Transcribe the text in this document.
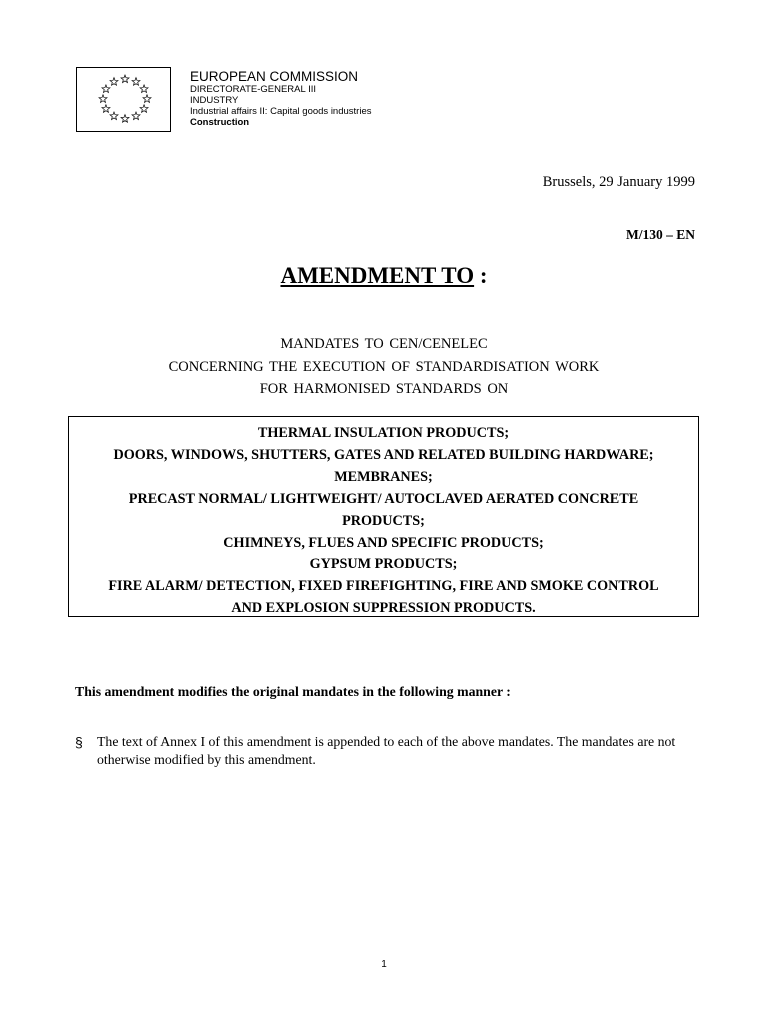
EUROPEAN COMMISSION
DIRECTORATE-GENERAL III
INDUSTRY
Industrial affairs II: Capital goods industries
Construction
Brussels, 29 January 1999
M/130 – EN
AMENDMENT TO :
MANDATES TO CEN/CENELEC
CONCERNING THE EXECUTION OF STANDARDISATION WORK
FOR HARMONISED STANDARDS ON
THERMAL INSULATION PRODUCTS;
DOORS, WINDOWS, SHUTTERS, GATES AND RELATED BUILDING HARDWARE;
MEMBRANES;
PRECAST NORMAL/ LIGHTWEIGHT/ AUTOCLAVED AERATED CONCRETE
PRODUCTS;
CHIMNEYS, FLUES AND SPECIFIC PRODUCTS;
GYPSUM PRODUCTS;
FIRE ALARM/ DETECTION, FIXED FIREFIGHTING, FIRE AND SMOKE CONTROL
AND EXPLOSION SUPPRESSION PRODUCTS.
This amendment modifies the original mandates in the following manner :
§ The text of Annex I of this amendment is appended to each of the above mandates. The mandates are not otherwise modified by this amendment.
1
